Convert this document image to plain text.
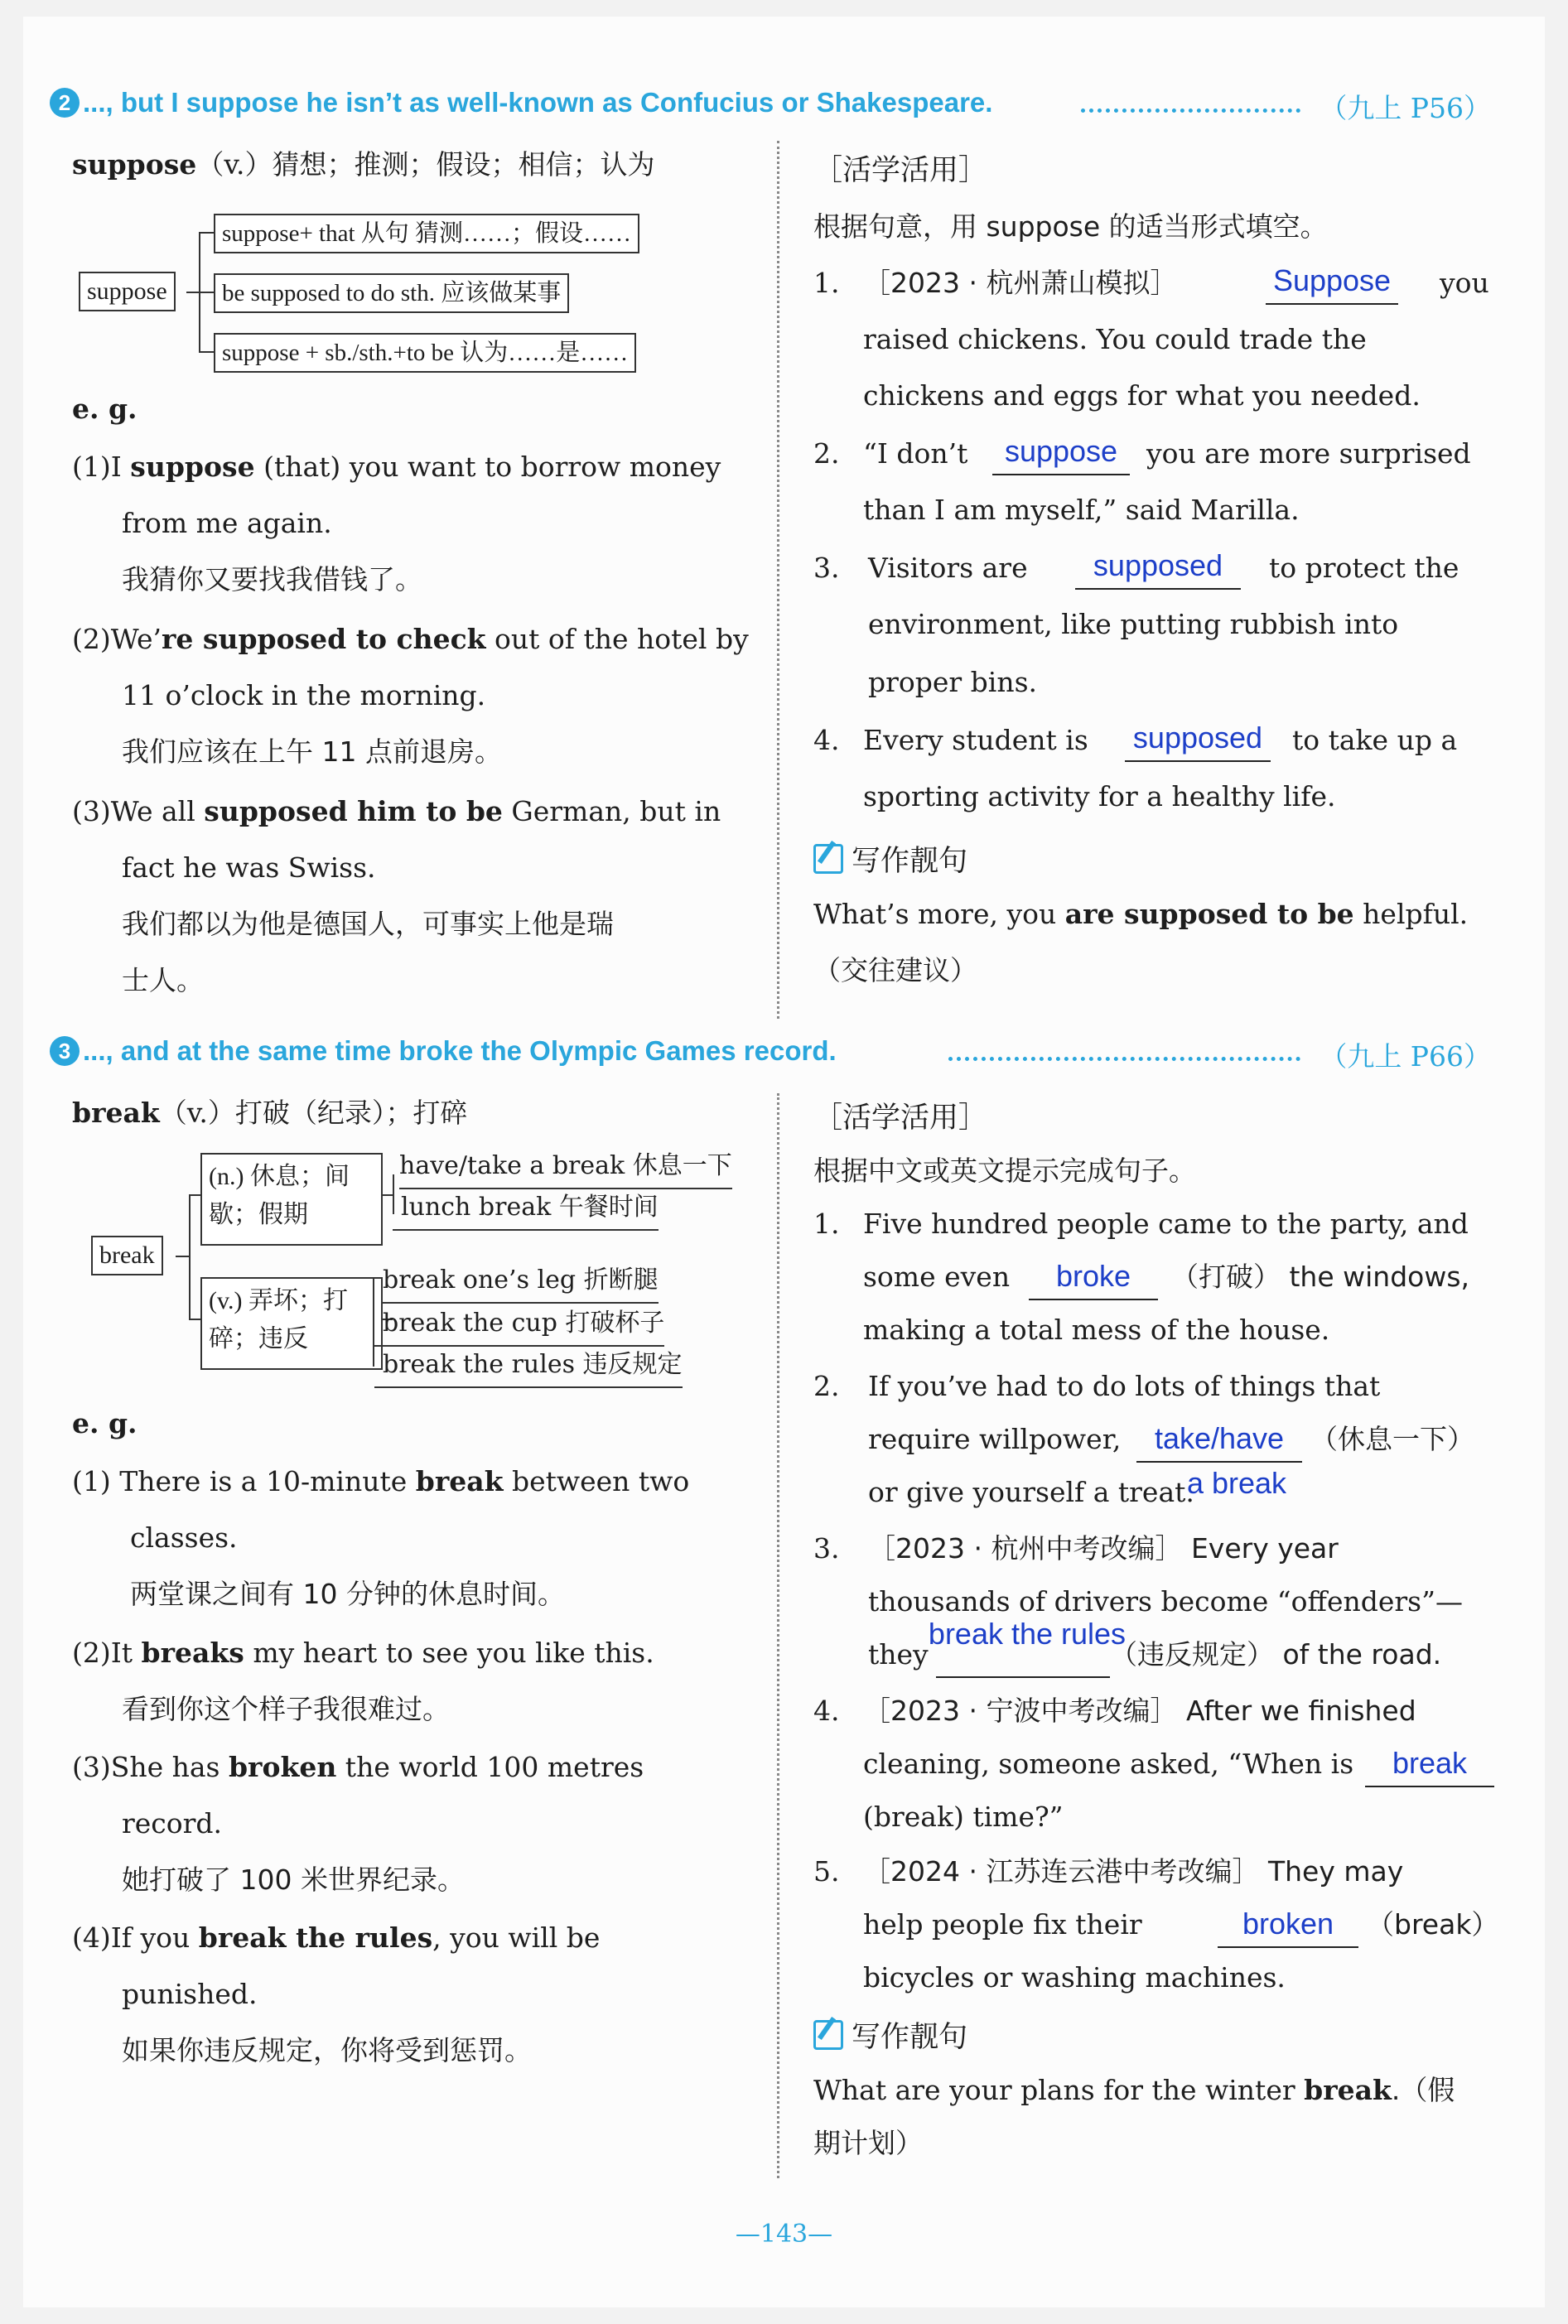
2 ..., but I suppose he isn’t as well-known as Confucius or Shakespeare.	（九上 P56）
suppose（v.）猜想；推测；假设；相信；认为
suppose
suppose+ that 从句 猜测……；假设……
be supposed to do sth. 应该做某事
suppose + sb./sth.+to be 认为……是……
e. g.
(1)I suppose (that) you want to borrow money
from me again.
我猜你又要找我借钱了。
(2)We’re supposed to check out of the hotel by
11 o’clock in the morning.
我们应该在上午 11 点前退房。
(3)We all supposed him to be German, but in
fact he was Swiss.
我们都以为他是德国人，可事实上他是瑞
士人。
［活学活用］
根据句意，用 suppose 的适当形式填空。
1. ［2023 · 杭州萧山模拟］	Suppose you
raised chickens. You could trade the
chickens and eggs for what you needed.
2. “I don’t	suppose	you are more surprised
than I am myself,” said Marilla.
3. Visitors are	supposed	to protect the
environment, like putting rubbish into
proper bins.
4. Every student is supposed	to take up a
sporting activity for a healthy life.
写作靓句
What’s more, you are supposed to be helpful.
（交往建议）
3 ..., and at the same time broke the Olympic Games record.	（九上 P66）
break（v.）打破（纪录）；打碎
break
(n.) 休息；间
歇；假期
(v.) 弄坏；打
碎；违反
have/take a break 休息一下
lunch break 午餐时间
break one’s leg 折断腿
break the cup 打破杯子
break the rules 违反规定
e. g.
(1) There is a 10-minute break between two
classes.
两堂课之间有 10 分钟的休息时间。
(2)It breaks my heart to see you like this.
看到你这个样子我很难过。
(3)She has broken the world 100 metres
record.
她打破了 100 米世界纪录。
(4)If you break the rules, you will be
punished.
如果你违反规定，你将受到惩罚。
［活学活用］
根据中文或英文提示完成句子。
1. Five hundred people came to the party, and
some even	broke	（打破） the windows,
making a total mess of the house.
2. If you’ve had to do lots of things that
require willpower,	take/have （休息一下）
or give yourself a treat.
a break
3. ［2023 · 杭州中考改编］ Every year
thousands of drivers become “offenders”—
they
break the rules
（违反规定） of the road.
4. ［2023 · 宁波中考改编］ After we finished
cleaning, someone asked, “When is	break
(break) time?”
5. ［2024 · 江苏连云港中考改编］ They may
help people fix their	broken	（break）
bicycles or washing machines.
写作靓句
What are your plans for the winter break.（假
期计划）
—143—
